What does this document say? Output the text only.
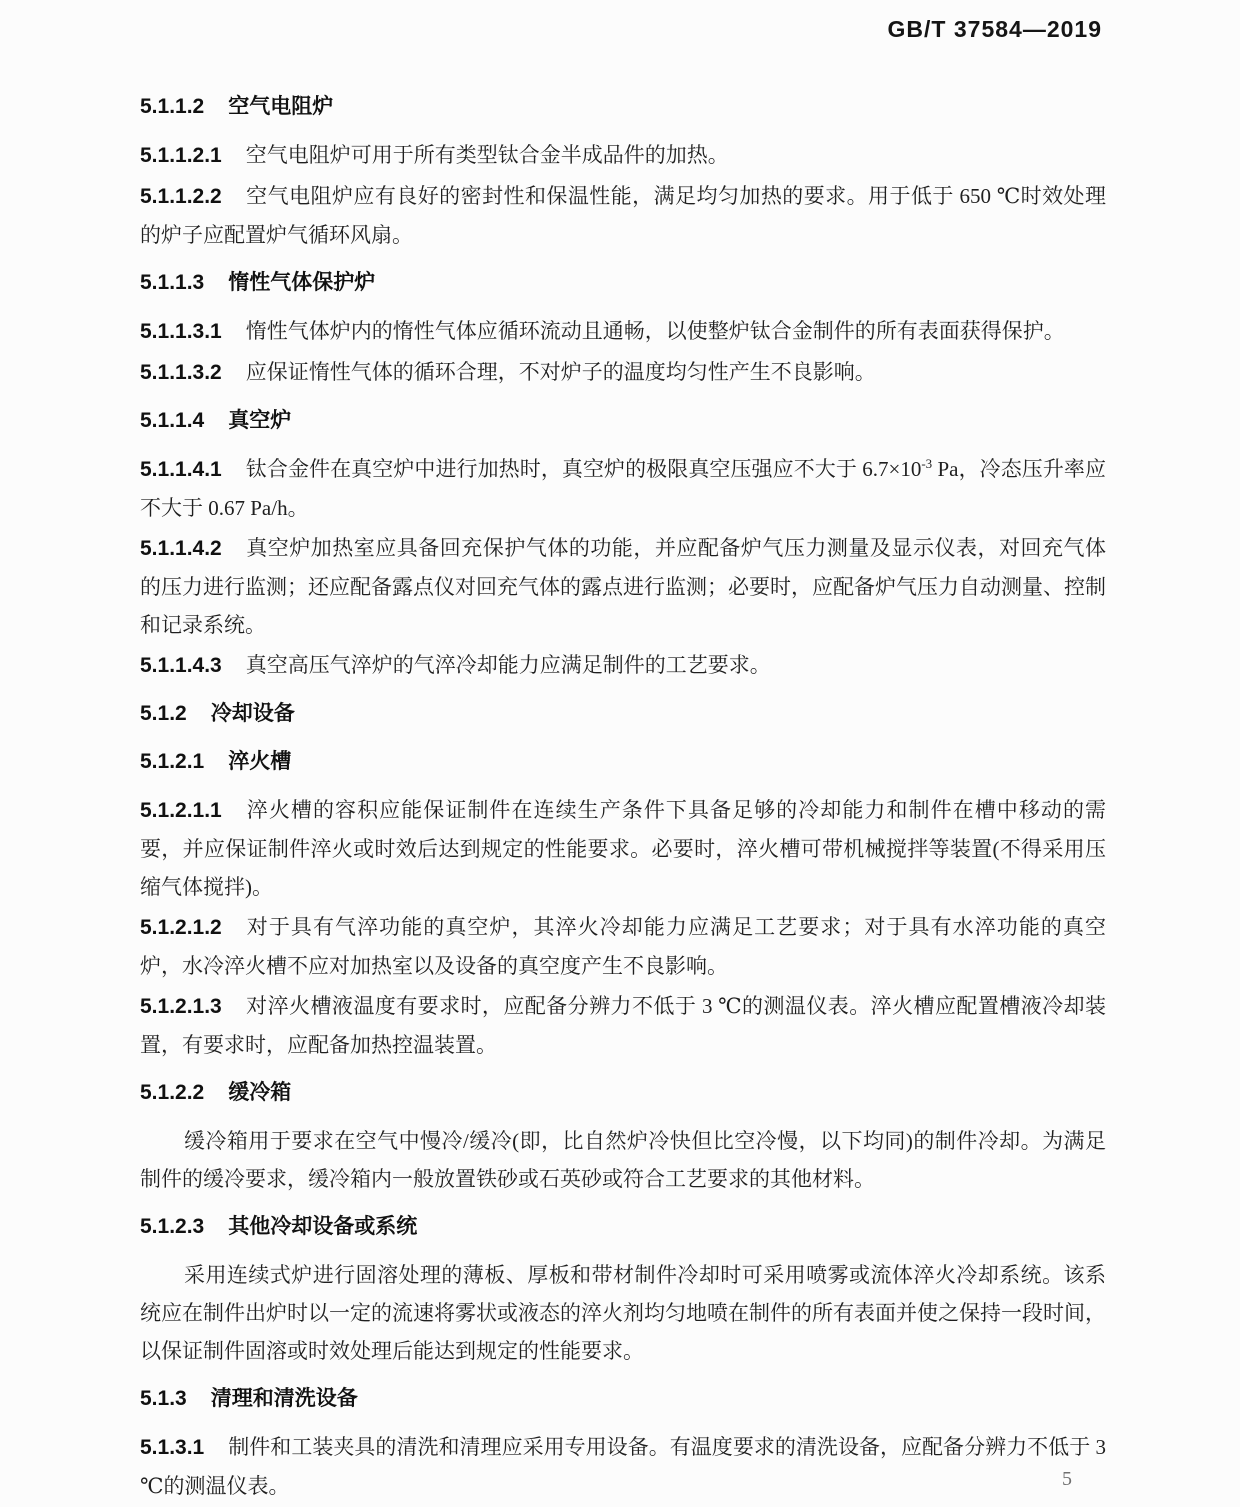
GB/T 37584—2019

5.1.1.2 空气电阻炉

5.1.1.2.1 空气电阻炉可用于所有类型钛合金半成品件的加热。

5.1.1.2.2 空气电阻炉应有良好的密封性和保温性能，满足均匀加热的要求。用于低于 650 ℃时效处理的炉子应配置炉气循环风扇。

5.1.1.3 惰性气体保护炉

5.1.1.3.1 惰性气体炉内的惰性气体应循环流动且通畅，以使整炉钛合金制件的所有表面获得保护。

5.1.1.3.2 应保证惰性气体的循环合理，不对炉子的温度均匀性产生不良影响。

5.1.1.4 真空炉

5.1.1.4.1 钛合金件在真空炉中进行加热时，真空炉的极限真空压强应不大于 $6.7\times 10^{-3}$ Pa，冷态压升率应不大于 0.67 Pa/h。

5.1.1.4.2 真空炉加热室应具备回充保护气体的功能，并应配备炉气压力测量及显示仪表，对回充气体的压力进行监测；还应配备露点仪对回充气体的露点进行监测；必要时，应配备炉气压力自动测量、控制和记录系统。

5.1.1.4.3 真空高压气淬炉的气淬冷却能力应满足制件的工艺要求。

5.1.2 冷却设备

5.1.2.1 淬火槽

5.1.2.1.1 淬火槽的容积应能保证制件在连续生产条件下具备足够的冷却能力和制件在槽中移动的需要，并应保证制件淬火或时效后达到规定的性能要求。必要时，淬火槽可带机械搅拌等装置(不得采用压缩气体搅拌)。

5.1.2.1.2 对于具有气淬功能的真空炉，其淬火冷却能力应满足工艺要求；对于具有水淬功能的真空炉，水冷淬火槽不应对加热室以及设备的真空度产生不良影响。

5.1.2.1.3 对淬火槽液温度有要求时，应配备分辨力不低于 3 ℃的测温仪表。淬火槽应配置槽液冷却装置，有要求时，应配备加热控温装置。

5.1.2.2 缓冷箱

缓冷箱用于要求在空气中慢冷/缓冷(即，比自然炉冷快但比空冷慢，以下均同)的制件冷却。为满足制件的缓冷要求，缓冷箱内一般放置铁砂或石英砂或符合工艺要求的其他材料。

5.1.2.3 其他冷却设备或系统

采用连续式炉进行固溶处理的薄板、厚板和带材制件冷却时可采用喷雾或流体淬火冷却系统。该系统应在制件出炉时以一定的流速将雾状或液态的淬火剂均匀地喷在制件的所有表面并使之保持一段时间，以保证制件固溶或时效处理后能达到规定的性能要求。

5.1.3 清理和清洗设备

5.1.3.1 制件和工装夹具的清洗和清理应采用专用设备。有温度要求的清洗设备，应配备分辨力不低于 3 ℃的测温仪表。	5
